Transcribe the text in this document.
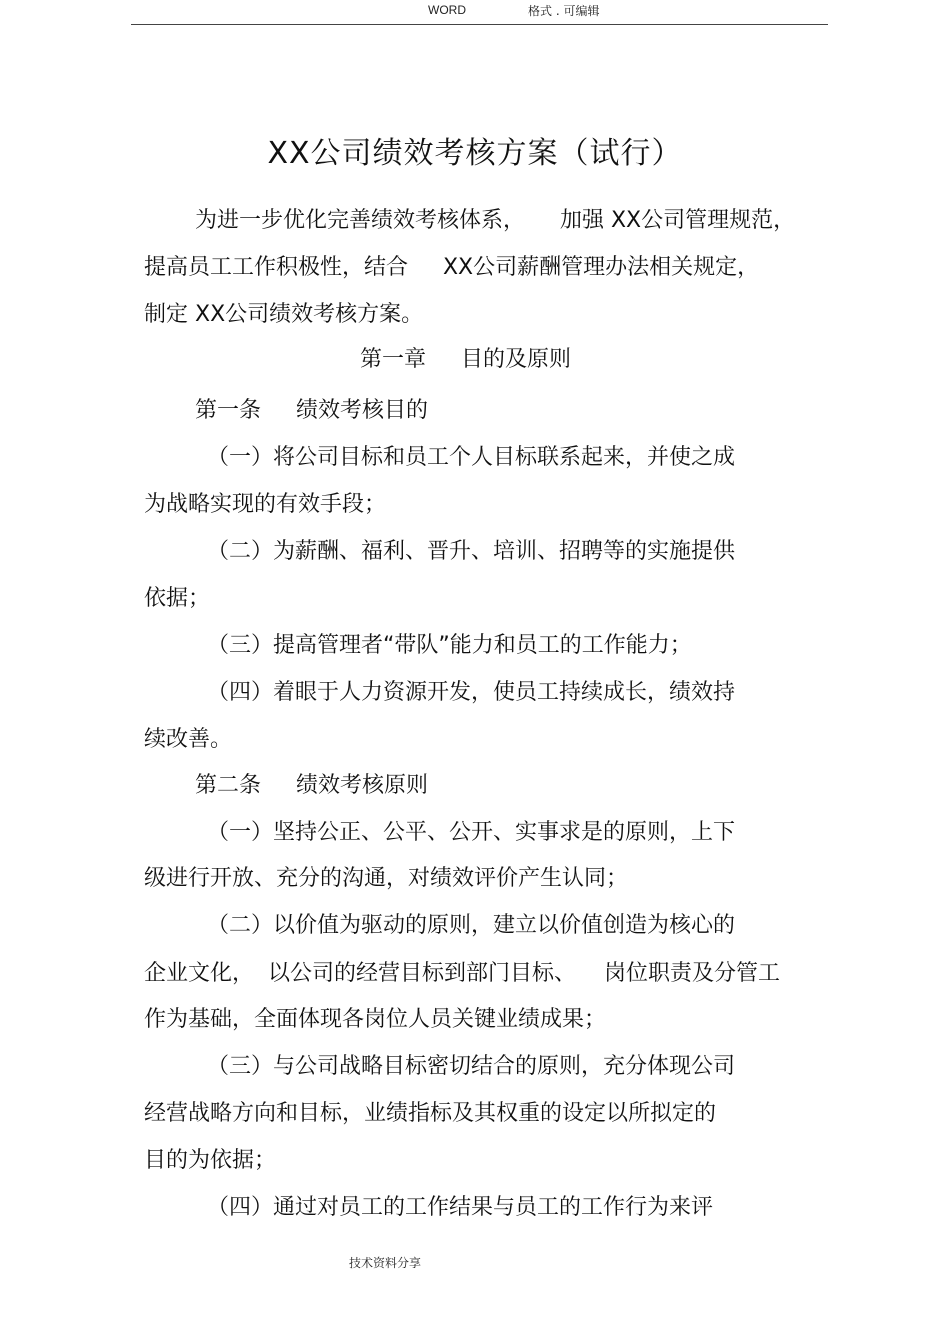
WORD	格式 . 可编辑
XX公司绩效考核方案（试行）
为进一步优化完善绩效考核体系，     加强 XX公司管理规范，
提高员工工作积极性，结合     XX公司薪酬管理办法相关规定，
制定 XX公司绩效考核方案。
第一章     目的及原则
第一条     绩效考核目的
（一）将公司目标和员工个人目标联系起来，并使之成
为战略实现的有效手段；
（二）为薪酬、福利、晋升、培训、招聘等的实施提供
依据；
（三）提高管理者“带队”能力和员工的工作能力；
（四）着眼于人力资源开发，使员工持续成长，绩效持
续改善。
第二条     绩效考核原则
（一）坚持公正、公平、公开、实事求是的原则，上下
级进行开放、充分的沟通，对绩效评价产生认同；
（二）以价值为驱动的原则，建立以价值创造为核心的
企业文化，  以公司的经营目标到部门目标、    岗位职责及分管工
作为基础，全面体现各岗位人员关键业绩成果；
（三）与公司战略目标密切结合的原则，充分体现公司
经营战略方向和目标，业绩指标及其权重的设定以所拟定的
目的为依据；
（四）通过对员工的工作结果与员工的工作行为来评
技术资料分享
